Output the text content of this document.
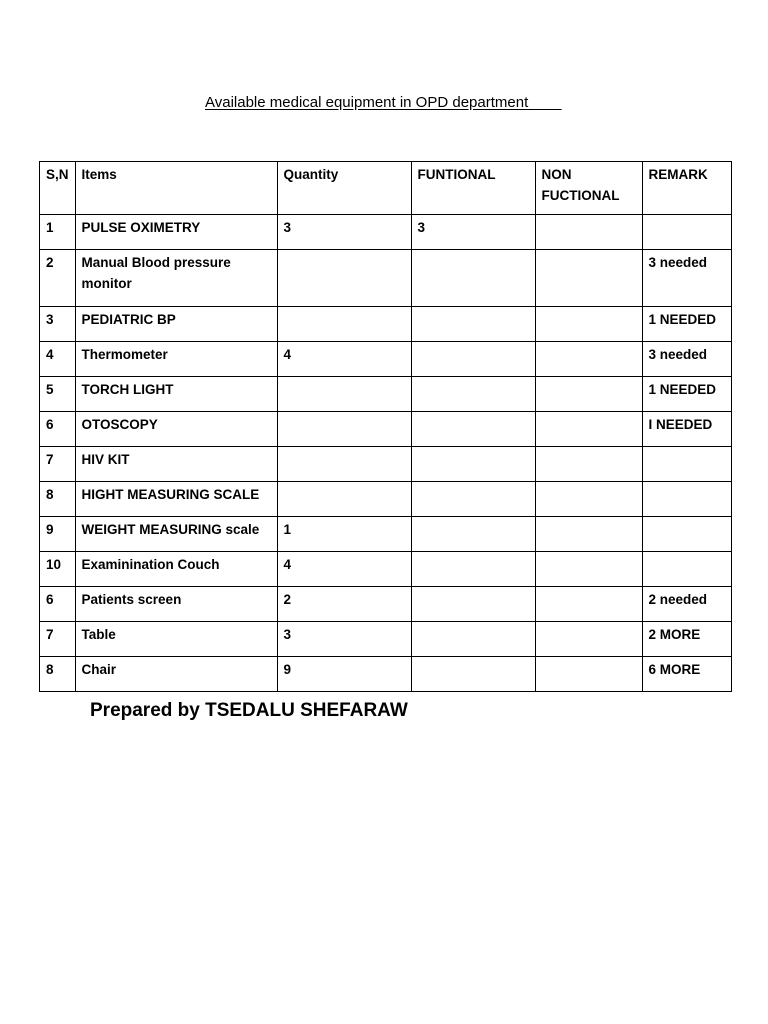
Available medical equipment in OPD department
S,N	Items	Quantity	FUNTIONAL	NON FUCTIONAL	REMARK
1	PULSE OXIMETRY	3	3		
2	Manual Blood pressure monitor				3 needed
3	PEDIATRIC BP				1 NEEDED
4	Thermometer	4			3 needed
5	TORCH LIGHT				1 NEEDED
6	OTOSCOPY				I NEEDED
7	HIV KIT				
8	HIGHT MEASURING SCALE				
9	WEIGHT MEASURING scale	1			
10	Examinination Couch	4			
6	Patients screen	2			2 needed
7	Table	3			2 MORE
8	Chair	9			6 MORE
Prepared by TSEDALU SHEFARAW
